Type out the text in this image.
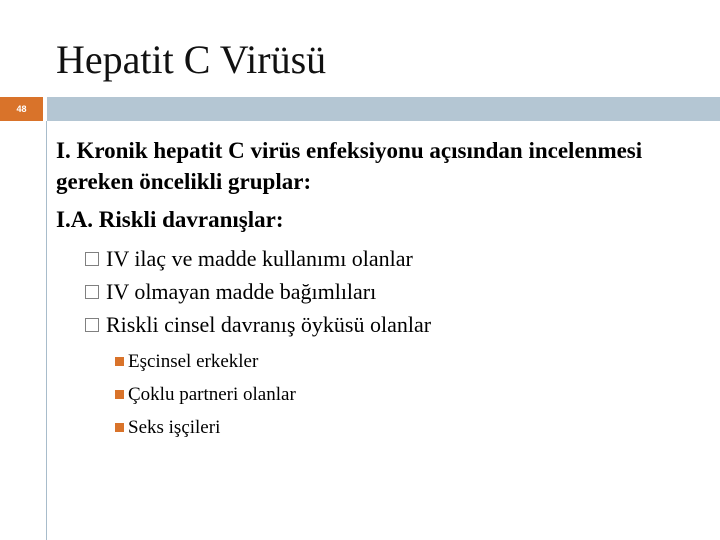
Hepatit C Virüsü
48

I. Kronik hepatit C virüs enfeksiyonu açısından incelenmesi gereken öncelikli gruplar:

I.A. Riskli davranışlar:

IV ilaç ve madde kullanımı olanlar
IV olmayan madde bağımlıları
Riskli cinsel davranış öyküsü olanlar
Eşcinsel erkekler
Çoklu partneri olanlar
Seks işçileri
